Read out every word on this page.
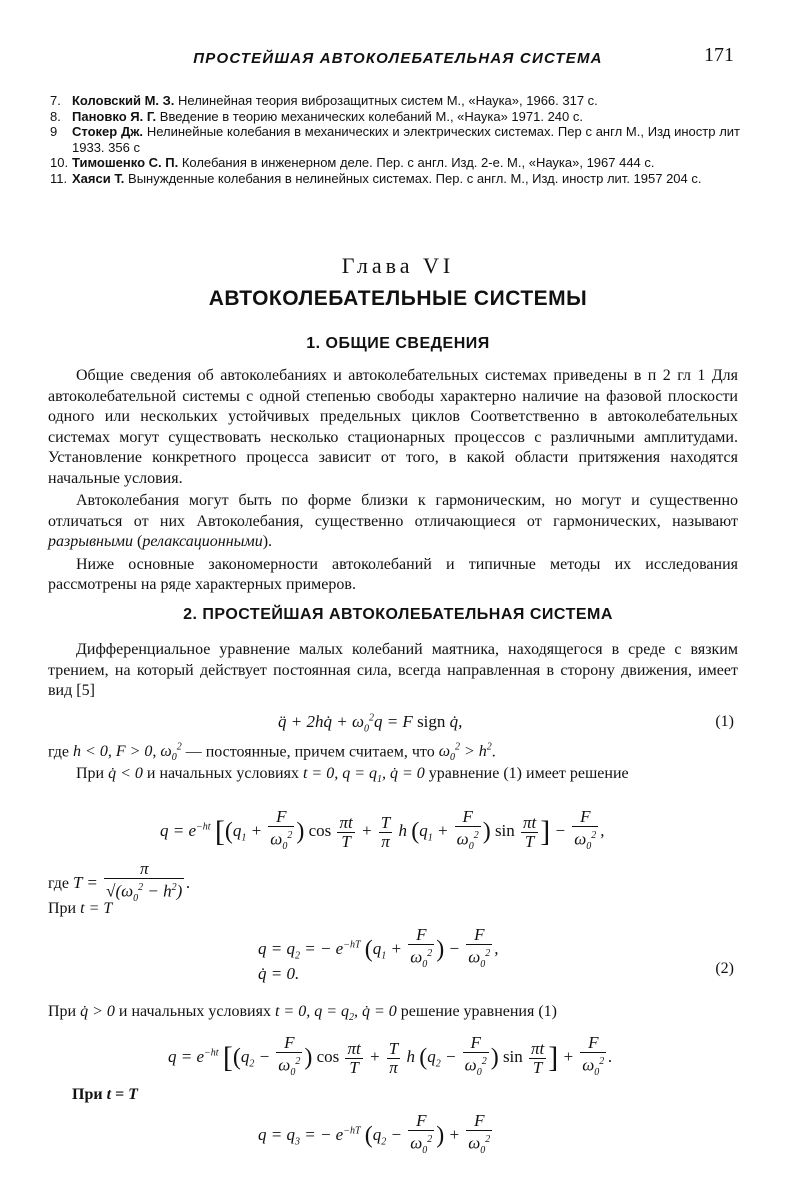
ПРОСТЕЙШАЯ АВТОКОЛЕБАТЕЛЬНАЯ СИСТЕМА	171
7. Коловский М. З. Нелинейная теория виброзащитных систем М., «Наука», 1966. 317 с.
8. Пановко Я. Г. Введение в теорию механических колебаний М., «Наука» 1971. 240 с.
9	Стокер Дж. Нелинейные колебания в механических и электрических системах. Пер с англ М., Изд иностр лит 1933. 356 с
10. Тимошенко С. П. Колебания в инженерном деле. Пер. с англ. Изд. 2-е. М., «Наука», 1967 444 с.
11. Хаяси Т. Вынужденные колебания в нелинейных системах. Пер. с англ. М., Изд. иностр лит. 1957 204 с.
Глава VI
АВТОКОЛЕБАТЕЛЬНЫЕ СИСТЕМЫ
1. ОБЩИЕ СВЕДЕНИЯ

Общие сведения об автоколебаниях и автоколебательных системах приведены в п 2 гл 1 Для автоколебательной системы с одной степенью свободы характерно наличие на фазовой плоскости одного или нескольких устойчивых предельных циклов Соответственно в автоколебательных системах могут существовать несколько стационарных процессов с различными амплитудами. Установление конкретного процесса зависит от того, в какой области притяжения находятся начальные условия.

Автоколебания могут быть по форме близки к гармоническим, но могут и существенно отличаться от них Автоколебания, существенно отличающиеся от гармонических, называют разрывными (релаксационными).

Ниже основные закономерности автоколебаний и типичные методы их исследования рассмотрены на ряде характерных примеров.

2. ПРОСТЕЙШАЯ АВТОКОЛЕБАТЕЛЬНАЯ СИСТЕМА

Дифференциальное уравнение малых колебаний маятника, находящегося в среде с вязким трением, на который действует постоянная сила, всегда направленная в сторону движения, имеет вид [5]

q̈ + 2hq̇ + $\omega_0^2q = F$ sign q̇,	(1)
где h < 0, F > 0, $\omega_0^2$ — постоянные, причем считаем, что $\omega_0^2 > h^2$.

При q̇ < 0 и начальных условиях t = 0, $q = q_1$, q̇ = 0 уравнение (1) имеет решение

$q = e^{-ht}$ [($q_1 + \frac{F}{\omega_0^2}$ ) $\cos \frac{\pi t}{T} + \frac{T}{\pi}$ h ($q_1 + \frac{F}{\omega_0^2}$ ) $\sin \frac{\pi t}{T}$ ] − $\frac{F}{\omega_0^2}$ ,
где $T = \frac{\pi}{√(\omega_0^2 - h^2)}$ .
При t = T
$q = q_2$ = − $e^{-hT}$ ($q_1 + \frac{F}{\omega_0^2}$ ) − $\frac{F}{\omega_0^2}$ ,
q̇ = 0.	(2)

При q̇ > 0 и начальных условиях t = 0, $q = q_2$, q̇ = 0 решение уравнения (1)

$q = e^{-ht}$ [($q_2 - \frac{F}{\omega_0^2}$ ) $\cos \frac{\pi t}{T} + \frac{T}{\pi}$ h ($q_2 - \frac{F}{\omega_0^2}$ ) $\sin \frac{\pi t}{T}$ ] + $\frac{F}{\omega_0^2}$ .
При t = T
$q = q_3$ = − $e^{-hT}$ ($q_2 - \frac{F}{\omega_0^2}$ ) + $\frac{F}{\omega_0^2}$
